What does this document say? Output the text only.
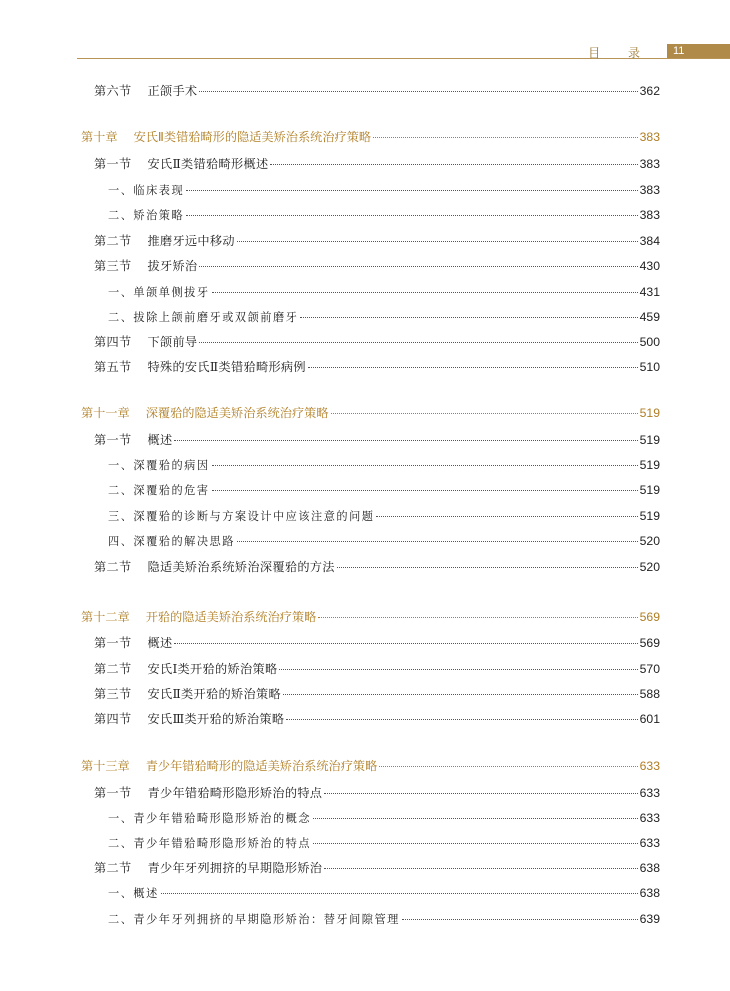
目 录	11
第六节 正颌手术	362
第十章 安氏Ⅱ类错𬌗畸形的隐适美矫治系统治疗策略	383
第一节 安氏Ⅱ类错𬌗畸形概述	383
一、临床表现	383
二、矫治策略	383
第二节 推磨牙远中移动	384
第三节 拔牙矫治	430
一、单颌单侧拔牙	431
二、拔除上颌前磨牙或双颌前磨牙	459
第四节 下颌前导	500
第五节 特殊的安氏Ⅱ类错𬌗畸形病例	510
第十一章 深覆𬌗的隐适美矫治系统治疗策略	519
第一节 概述	519
一、深覆𬌗的病因	519
二、深覆𬌗的危害	519
三、深覆𬌗的诊断与方案设计中应该注意的问题	519
四、深覆𬌗的解决思路	520
第二节 隐适美矫治系统矫治深覆𬌗的方法	520
第十二章 开𬌗的隐适美矫治系统治疗策略	569
第一节 概述	569
第二节 安氏Ⅰ类开𬌗的矫治策略	570
第三节 安氏Ⅱ类开𬌗的矫治策略	588
第四节 安氏Ⅲ类开𬌗的矫治策略	601
第十三章 青少年错𬌗畸形的隐适美矫治系统治疗策略	633
第一节 青少年错𬌗畸形隐形矫治的特点	633
一、青少年错𬌗畸形隐形矫治的概念	633
二、青少年错𬌗畸形隐形矫治的特点	633
第二节 青少年牙列拥挤的早期隐形矫治	638
一、概述	638
二、青少年牙列拥挤的早期隐形矫治：替牙间隙管理	639
